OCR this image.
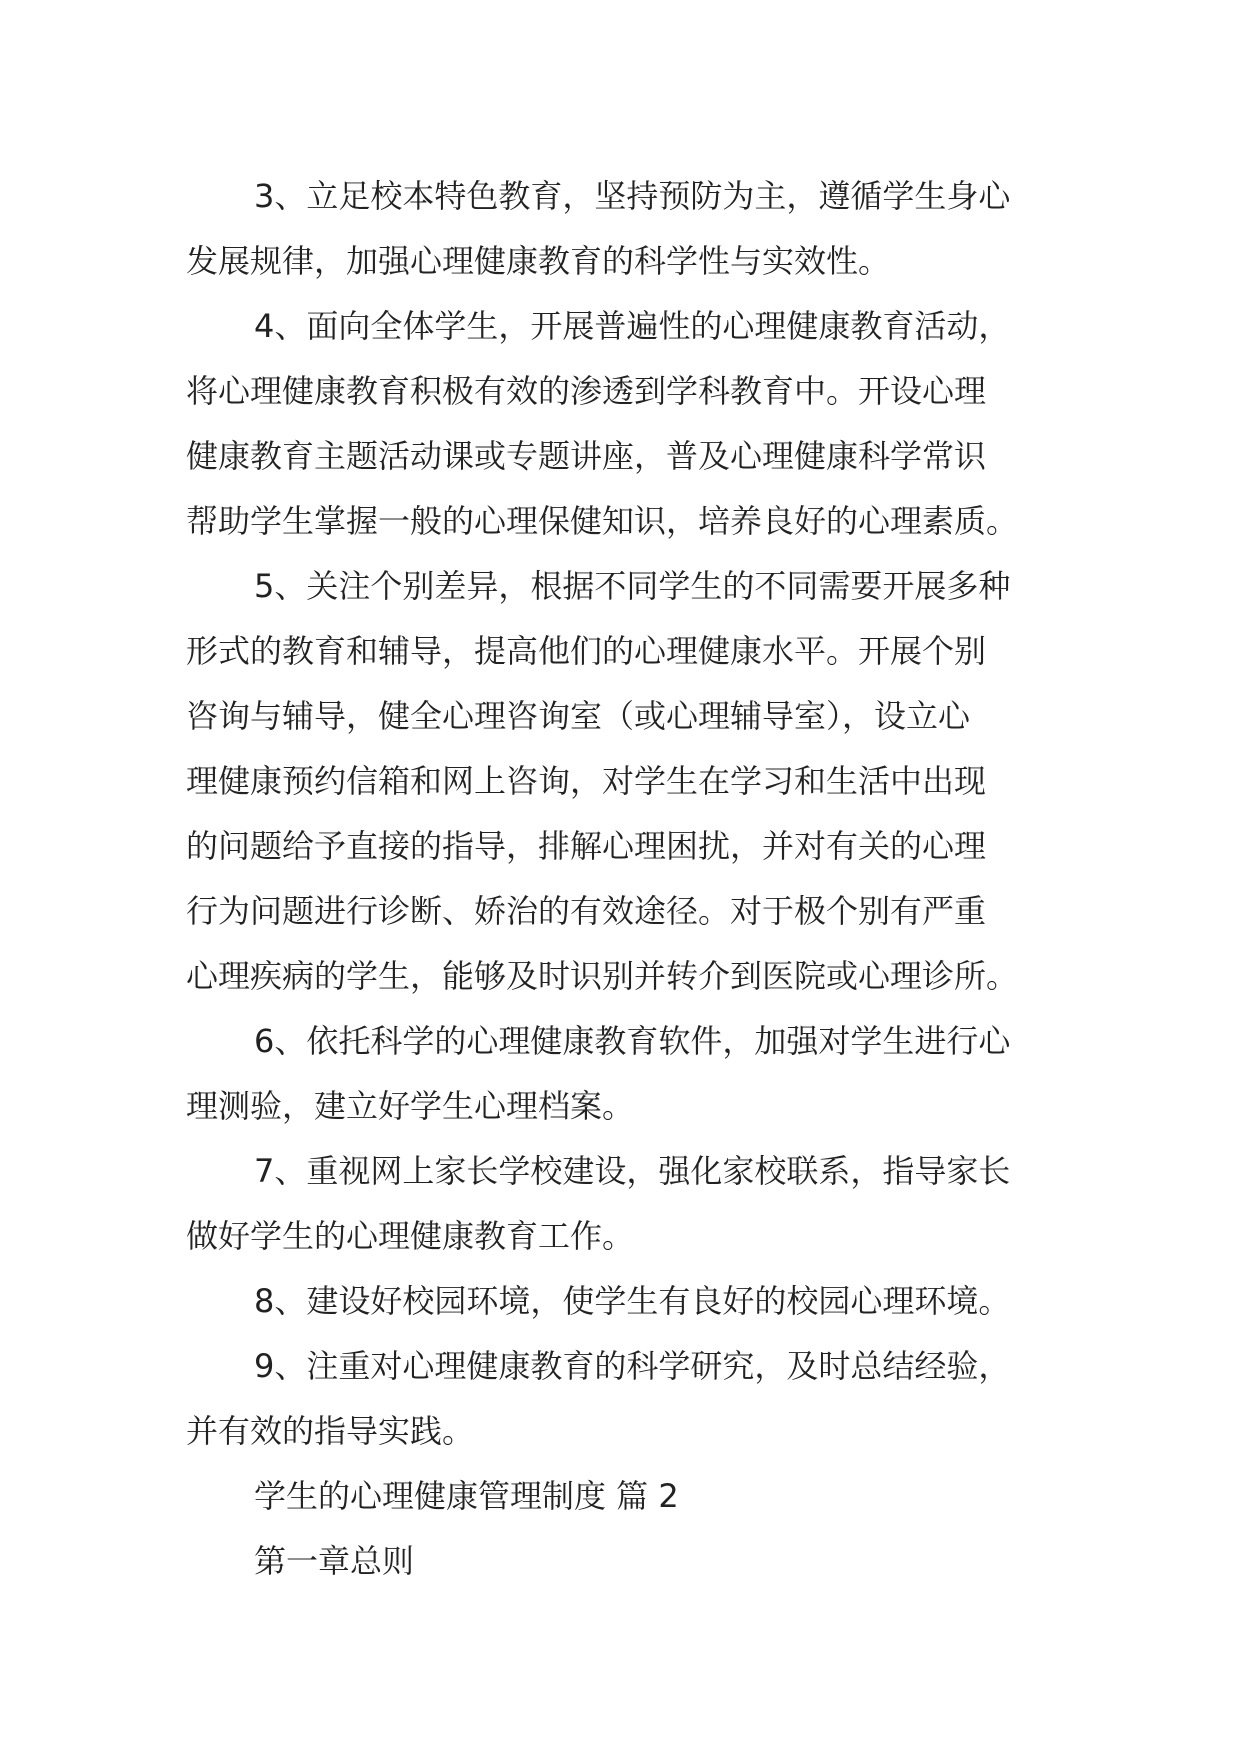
3、立足校本特色教育，坚持预防为主，遵循学生身心
发展规律，加强心理健康教育的科学性与实效性。
4、面向全体学生，开展普遍性的心理健康教育活动，
将心理健康教育积极有效的渗透到学科教育中。开设心理
健康教育主题活动课或专题讲座，普及心理健康科学常识
帮助学生掌握一般的心理保健知识，培养良好的心理素质。
5、关注个别差异，根据不同学生的不同需要开展多种
形式的教育和辅导，提高他们的心理健康水平。开展个别
咨询与辅导，健全心理咨询室（或心理辅导室），设立心
理健康预约信箱和网上咨询，对学生在学习和生活中出现
的问题给予直接的指导，排解心理困扰，并对有关的心理
行为问题进行诊断、娇治的有效途径。对于极个别有严重
心理疾病的学生，能够及时识别并转介到医院或心理诊所。
6、依托科学的心理健康教育软件，加强对学生进行心
理测验，建立好学生心理档案。
7、重视网上家长学校建设，强化家校联系，指导家长
做好学生的心理健康教育工作。
8、建设好校园环境，使学生有良好的校园心理环境。
9、注重对心理健康教育的科学研究，及时总结经验，
并有效的指导实践。
学生的心理健康管理制度 篇 2
第一章总则
